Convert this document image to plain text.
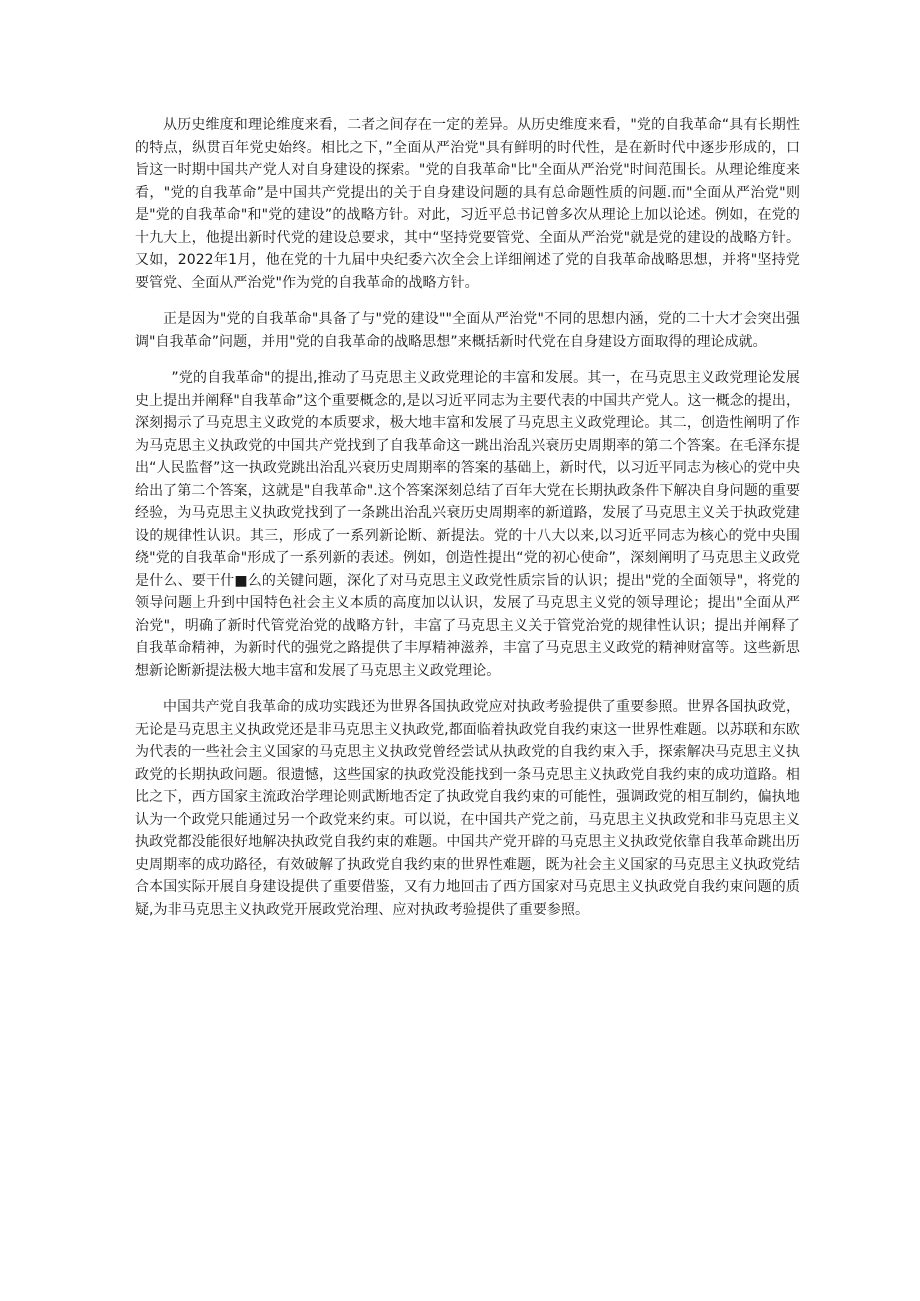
从历史维度和理论维度来看，二者之间存在一定的差异。从历史维度来看，"党的自我革命“具有长期性的特点，纵贯百年党史始终。相比之下，”全面从严治党"具有鲜明的时代性，是在新时代中逐步形成的，口旨这一时期中国共产党人对自身建设的探索。"党的自我革命"比"全面从严治党"时间范围长。从理论维度来看，"党的自我革命”是中国共产党提出的关于自身建设问题的具有总命题性质的问题.而"全面从严治党"则是"党的自我革命"和"党的建设”的战略方针。对此，习近平总书记曾多次从理论上加以论述。例如，在党的十九大上，他提出新时代党的建设总要求，其中“坚持党要管党、全面从严治党"就是党的建设的战略方针。又如，2022年1月，他在党的十九届中央纪委六次全会上详细阐述了党的自我革命战略思想，并将"坚持党要管党、全面从严治党"作为党的自我革命的战略方针。

正是因为"党的自我革命"具备了与"党的建设""全面从严治党"不同的思想内涵，党的二十大才会突出强调"自我革命”问题，并用"党的自我革命的战略思想”来概括新时代党在自身建设方面取得的理论成就。

”党的自我革命"的提出,推动了马克思主义政党理论的丰富和发展。其一，在马克思主义政党理论发展史上提出并阐释"自我革命”这个重要概念的,是以习近平同志为主要代表的中国共产党人。这一概念的提出，深刻揭示了马克思主义政党的本质要求，极大地丰富和发展了马克思主义政党理论。其二，创造性阐明了作为马克思主义执政党的中国共产党找到了自我革命这一跳出治乱兴衰历史周期率的第二个答案。在毛泽东提出“人民监督”这一执政党跳出治乱兴衰历史周期率的答案的基础上，新时代，以习近平同志为核心的党中央给出了第二个答案，这就是"自我革命".这个答案深刻总结了百年大党在长期执政条件下解决自身问题的重要经验，为马克思主义执政党找到了一条跳出治乱兴衰历史周期率的新道路，发展了马克思主义关于执政党建设的规律性认识。其三，形成了一系列新论断、新提法。党的十八大以来,以习近平同志为核心的党中央围绕"党的自我革命"形成了一系列新的表述。例如，创造性提出“党的初心使命”，深刻阐明了马克思主义政党是什么、要干什■么的关键问题，深化了对马克思主义政党性质宗旨的认识；提出"党的全面领导"，将党的领导问题上升到中国特色社会主义本质的高度加以认识，发展了马克思主义党的领导理论；提出"全面从严治党"，明确了新时代管党治党的战略方针，丰富了马克思主义关于管党治党的规律性认识；提出并阐释了自我革命精神，为新时代的强党之路提供了丰厚精神滋养，丰富了马克思主义政党的精神财富等。这些新思想新论断新提法极大地丰富和发展了马克思主义政党理论。

中国共产党自我革命的成功实践还为世界各国执政党应对执政考验提供了重要参照。世界各国执政党，无论是马克思主义执政党还是非马克思主义执政党,都面临着执政党自我约束这一世界性难题。以苏联和东欧为代表的一些社会主义国家的马克思主义执政党曾经尝试从执政党的自我约束入手，探索解决马克思主义执政党的长期执政问题。很遗憾，这些国家的执政党没能找到一条马克思主义执政党自我约束的成功道路。相比之下，西方国家主流政治学理论则武断地否定了执政党自我约束的可能性，强调政党的相互制约，偏执地认为一个政党只能通过另一个政党来约束。可以说，在中国共产党之前，马克思主义执政党和非马克思主义执政党都没能很好地解决执政党自我约束的难题。中国共产党开辟的马克思主义执政党依靠自我革命跳出历史周期率的成功路径，有效破解了执政党自我约束的世界性难题，既为社会主义国家的马克思主义执政党结合本国实际开展自身建设提供了重要借鉴，又有力地回击了西方国家对马克思主义执政党自我约束问题的质疑,为非马克思主义执政党开展政党治理、应对执政考验提供了重要参照。
